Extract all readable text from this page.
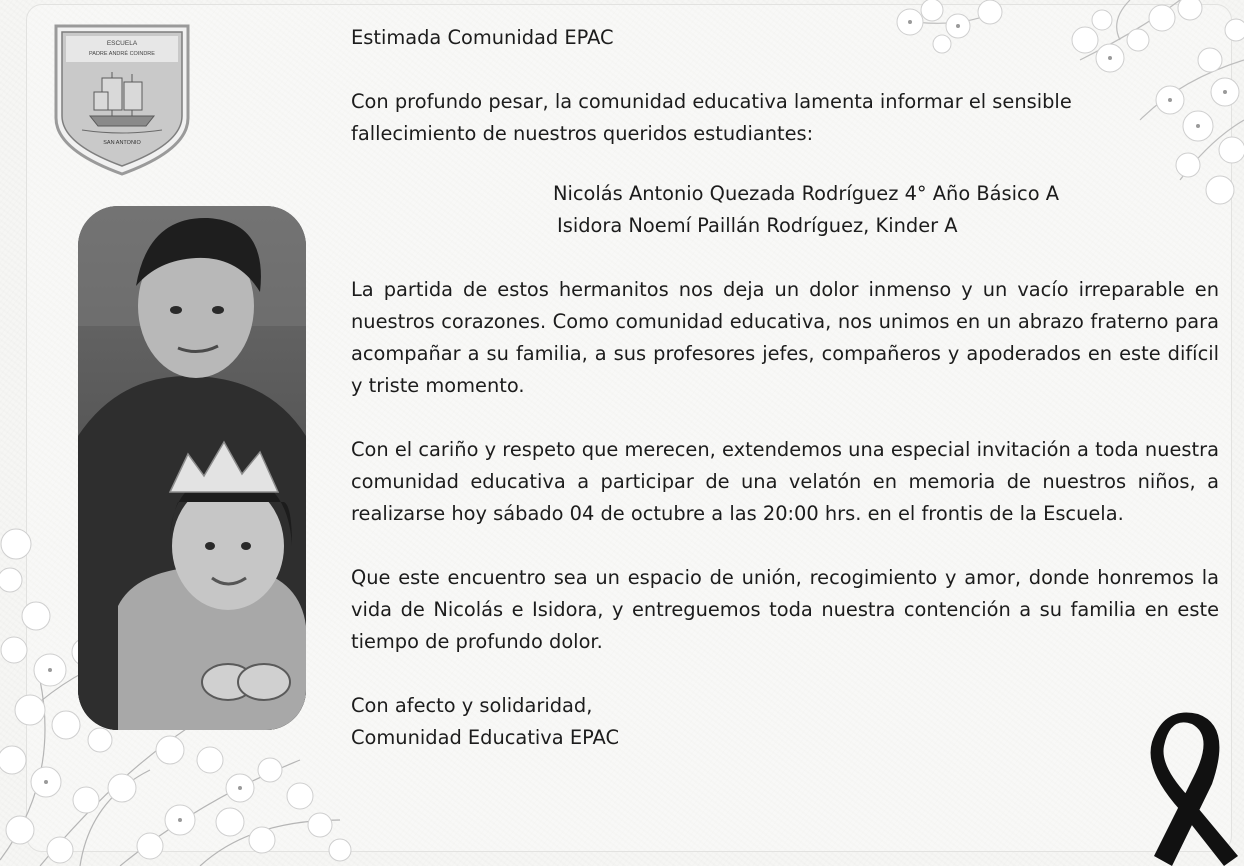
ESCUELA
PADRE ANDRÉ COINDRE
SAN ANTONIO

Estimada Comunidad EPAC

Con profundo pesar, la comunidad educativa lamenta informar el sensible fallecimiento de nuestros queridos estudiantes:

Nicolás Antonio Quezada Rodríguez 4° Año Básico A
Isidora Noemí Paillán Rodríguez, Kinder A

La partida de estos hermanitos nos deja un dolor inmenso y un vacío irreparable en nuestros corazones. Como comunidad educativa, nos unimos en un abrazo fraterno para acompañar a su familia, a sus profesores jefes, compañeros y apoderados en este difícil y triste momento.

Con el cariño y respeto que merecen, extendemos una especial invitación a toda nuestra comunidad educativa a participar de una velatón en memoria de nuestros niños, a realizarse hoy sábado 04 de octubre a las 20:00 hrs. en el frontis de la Escuela.

Que este encuentro sea un espacio de unión, recogimiento y amor, donde honremos la vida de Nicolás e Isidora, y entreguemos toda nuestra contención a su familia en este tiempo de profundo dolor.

Con afecto y solidaridad,

Comunidad Educativa EPAC
